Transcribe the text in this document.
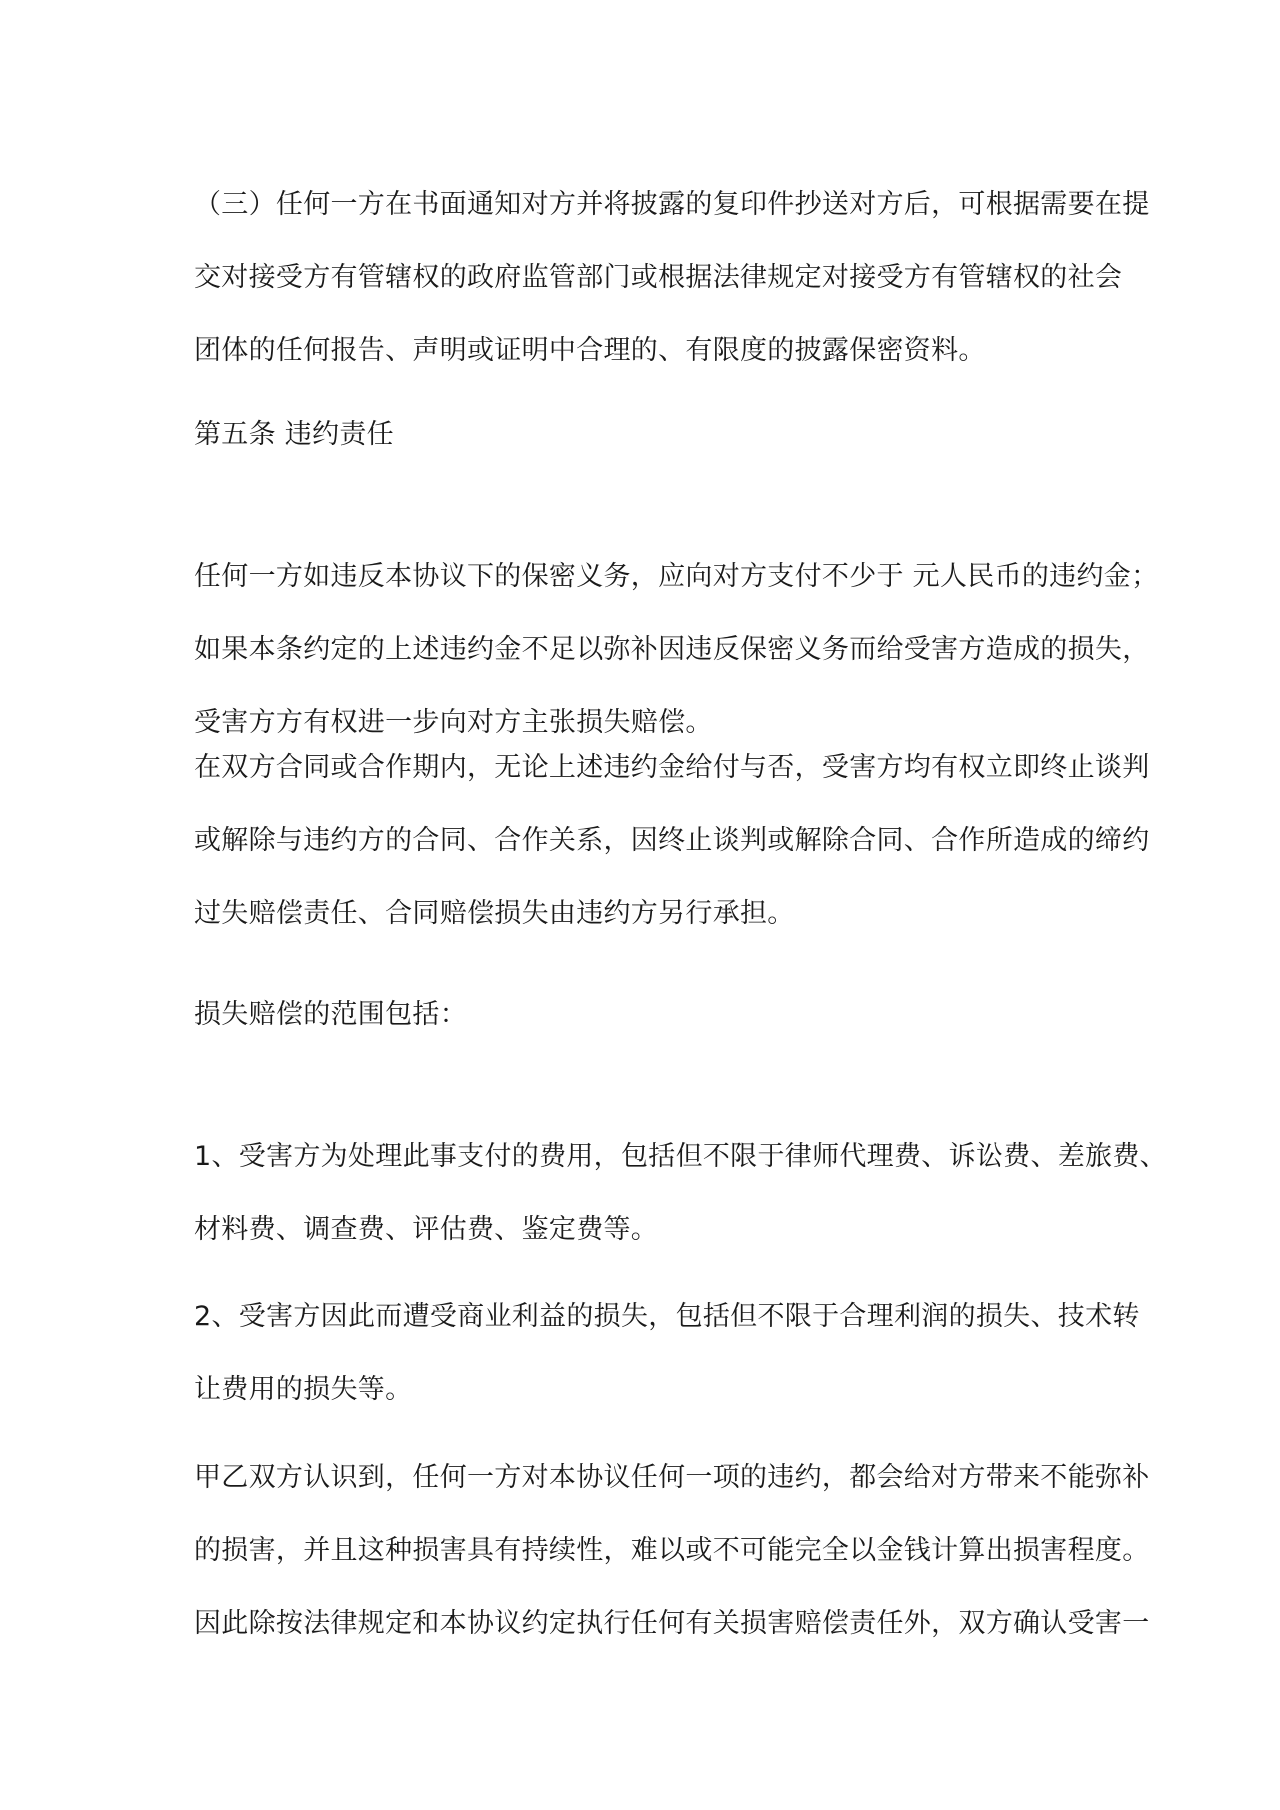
（三）任何一方在书面通知对方并将披露的复印件抄送对方后，可根据需要在提
交对接受方有管辖权的政府监管部门或根据法律规定对接受方有管辖权的社会
团体的任何报告、声明或证明中合理的、有限度的披露保密资料。
第五条 违约责任
任何一方如违反本协议下的保密义务，应向对方支付不少于 元人民币的违约金；
如果本条约定的上述违约金不足以弥补因违反保密义务而给受害方造成的损失，
受害方方有权进一步向对方主张损失赔偿。
在双方合同或合作期内，无论上述违约金给付与否，受害方均有权立即终止谈判
或解除与违约方的合同、合作关系，因终止谈判或解除合同、合作所造成的缔约
过失赔偿责任、合同赔偿损失由违约方另行承担。
损失赔偿的范围包括：
1、受害方为处理此事支付的费用，包括但不限于律师代理费、诉讼费、差旅费、
材料费、调查费、评估费、鉴定费等。
2、受害方因此而遭受商业利益的损失，包括但不限于合理利润的损失、技术转
让费用的损失等。
甲乙双方认识到，任何一方对本协议任何一项的违约，都会给对方带来不能弥补
的损害，并且这种损害具有持续性，难以或不可能完全以金钱计算出损害程度。
因此除按法律规定和本协议约定执行任何有关损害赔偿责任外，双方确认受害一
